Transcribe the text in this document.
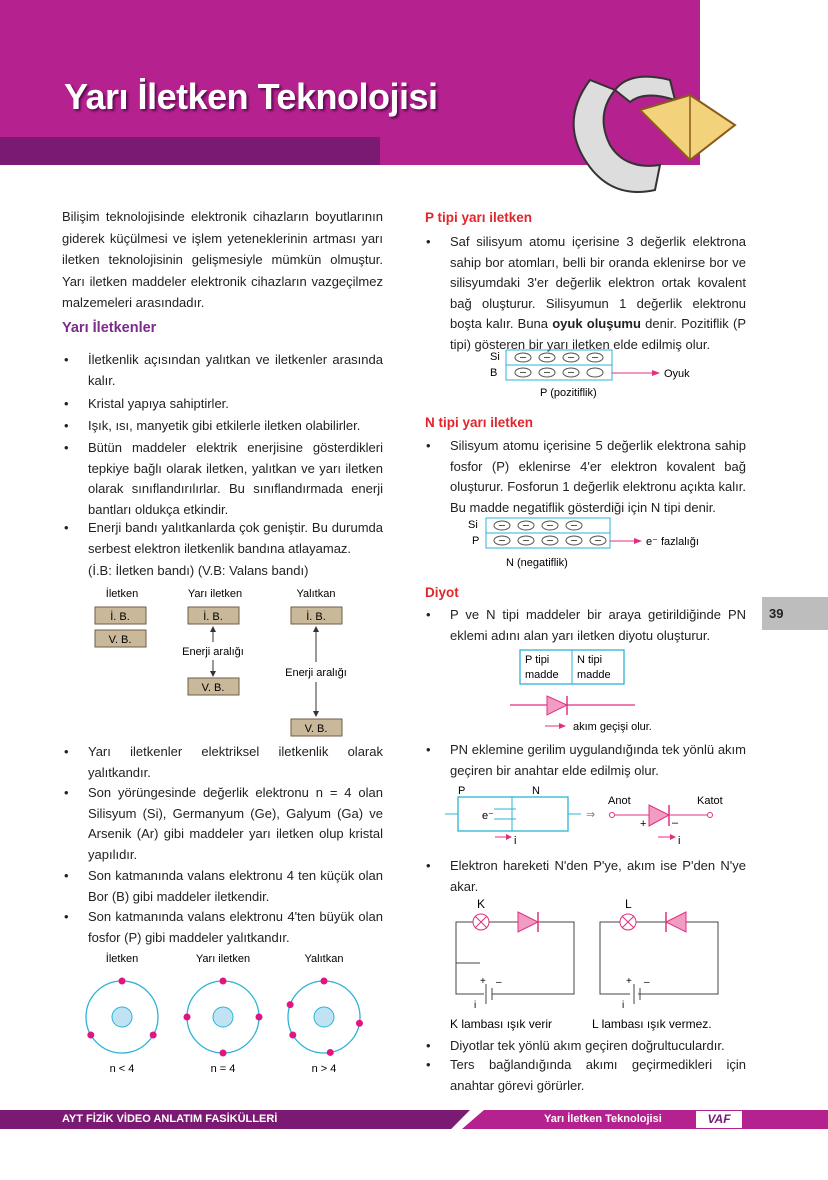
Yarı İletken Teknolojisi

Bilişim teknolojisinde elektronik cihazların boyutlarının giderek küçülmesi ve işlem yeteneklerinin artması yarı iletken teknolojisinin gelişmesiyle mümkün olmuştur. Yarı iletken maddeler elektronik cihazların vazgeçilmez malzemeleri arasındadır.

Yarı İletkenler
• İletkenlik açısından yalıtkan ve iletkenler arasında kalır.
• Kristal yapıya sahiptirler.
• Işık, ısı, manyetik gibi etkilerle iletken olabilirler.
• Bütün maddeler elektrik enerjisine gösterdikleri tepkiye bağlı olarak iletken, yalıtkan ve yarı iletken olarak sınıflandırılırlar. Bu sınıflandırmada enerji bantları oldukça etkindir.
• Enerji bandı yalıtkanlarda çok geniştir. Bu durumda serbest elektron iletkenlik bandına atlayamaz.
(İ.B: İletken bandı) (V.B: Valans bandı)
İletken	Yarı iletken	Yalıtkan
İ. B.
V. B.
İ. B.
V. B.
İ. B.
V. B.
Enerji aralığı
Enerji aralığı
• Yarı iletkenler elektriksel iletkenlik olarak yalıtkandır.
• Son yörüngesinde değerlik elektronu n = 4 olan Silisyum (Si), Germanyum (Ge), Galyum (Ga) ve Arsenik (Ar) gibi maddeler yarı iletken olup kristal yapılıdır.
• Son katmanında valans elektronu 4 ten küçük olan Bor (B) gibi maddeler iletkendir.
• Son katmanında valans elektronu 4'ten büyük olan fosfor (P) gibi maddeler yalıtkandır.
İletken
n < 4
Yarı iletken
n = 4
Yalıtkan
n > 4
P tipi yarı iletken
• Saf silisyum atomu içerisine 3 değerlik elektrona sahip bor atomları, belli bir oranda eklenirse bor ve silisyumdaki 3'er değerlik elektron ortak kovalent bağ oluşturur. Silisyumun 1 değerlik elektronu boşta kalır. Buna oyuk oluşumu denir. Pozitiflik (P tipi) gösteren bir yarı iletken elde edilmiş olur.
Si
B	Oyuk
P (pozitiflik)
N tipi yarı iletken
• Silisyum atomu içerisine 5 değerlik elektrona sahip fosfor (P) eklenirse 4'er elektron kovalent bağ oluşturur. Fosforun 1 değerlik elektronu açıkta kalır. Bu madde negatiflik gösterdiği için N tipi denir.
Si
P	e⁻ fazlalığı
N (negatiflik)
Diyot
• P ve N tipi maddeler bir araya getirildiğinde PN eklemi adını alan yarı iletken diyotu oluşturur.
P tipi
madde
N tipi
madde
akım geçişi olur.
• PN eklemine gerilim uygulandığında tek yönlü akım geçiren bir anahtar elde edilmiş olur.
P	N
e⁻
i
⇒
Anot	Katot
+ –
i
• Elektron hareketi N'den P'ye, akım ise P'den N'ye akar.
+ –	+ –
i	i
K	L
K lambası ışık verir	L lambası ışık vermez.
• Diyotlar tek yönlü akım geçiren doğrultuculardır.
• Ters bağlandığında akımı geçirmedikleri için anahtar görevi görürler.
39
AYT FİZİK VİDEO ANLATIM FASİKÜLLERİ	Yarı İletken Teknolojisi	VAF
